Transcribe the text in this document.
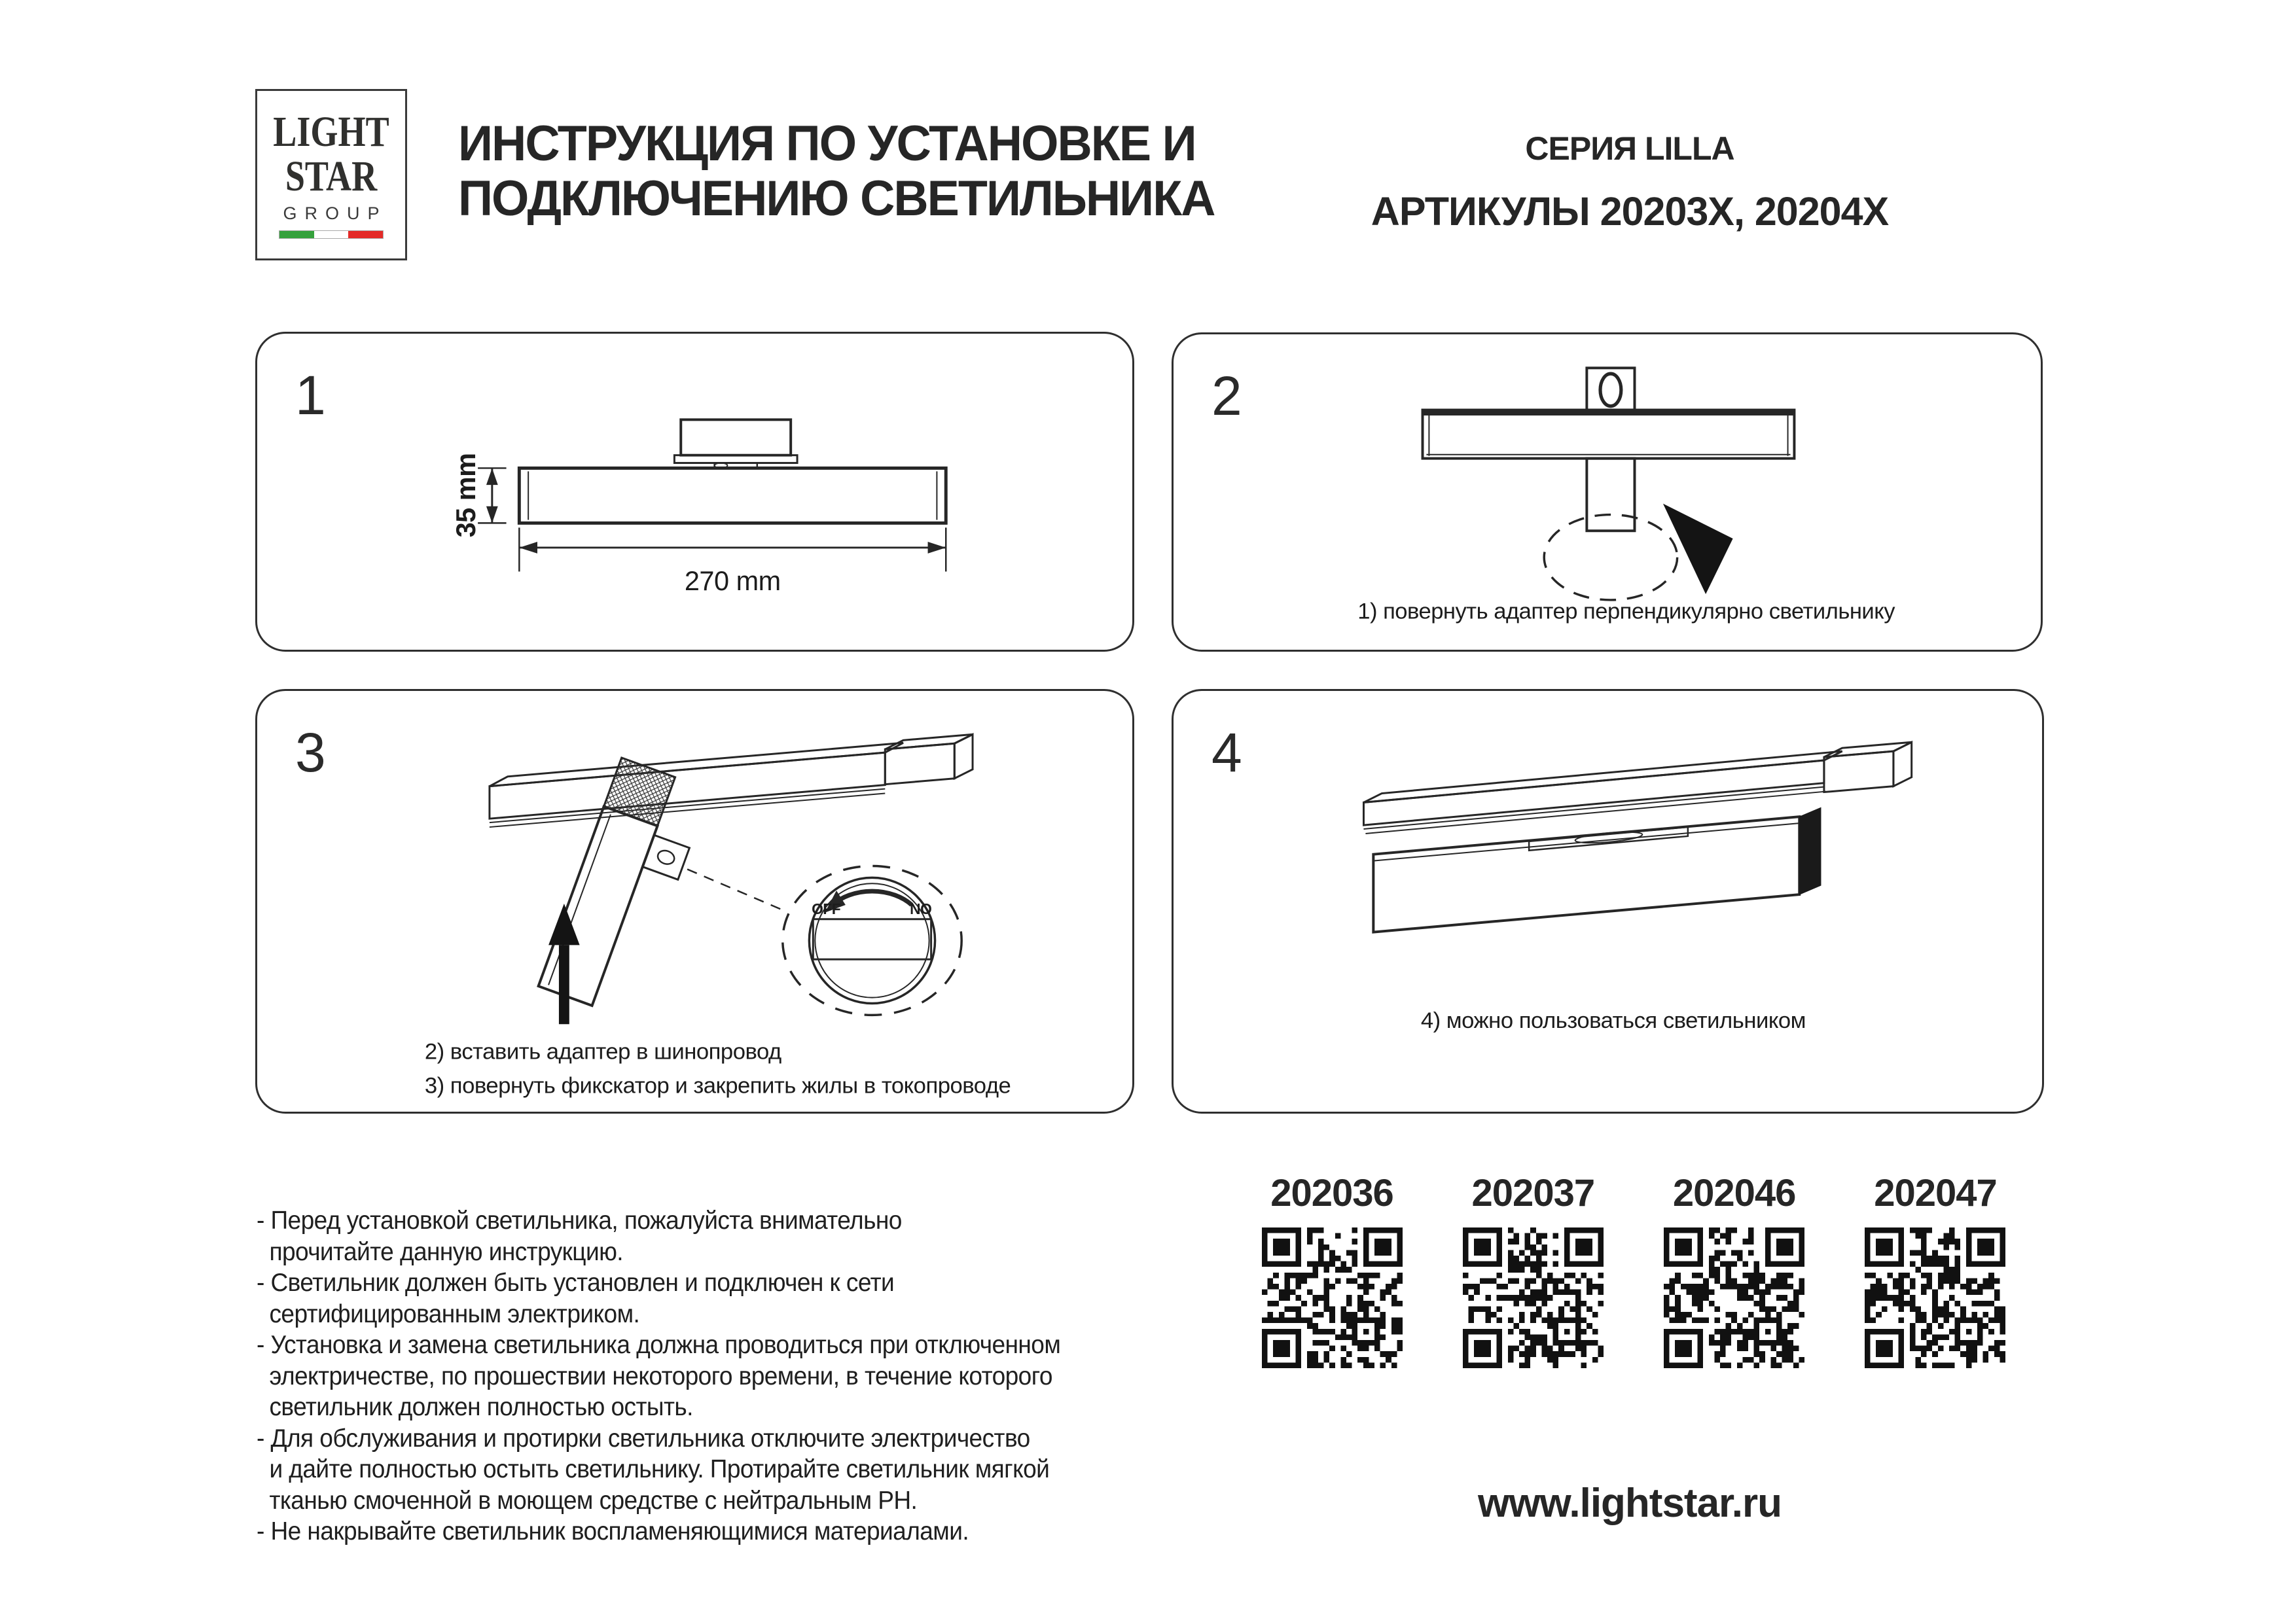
LIGHT
STAR
GROUP
ИНСТРУКЦИЯ ПО УСТАНОВКЕ И
ПОДКЛЮЧЕНИЮ СВЕТИЛЬНИКА
СЕРИЯ LILLA
АРТИКУЛЫ 20203X, 20204X
1
35 mm
270 mm
2
1) повернуть адаптер перпендикулярно светильнику
3
OFF	NO
2) вставить адаптер в шинопровод
3) повернуть фикскатор и закрепить жилы в токопроводе
4
4) можно пользоваться светильником
- Перед установкой светильника, пожалуйста внимательно
прочитайте данную инструкцию.
- Светильник должен быть установлен и подключен к сети
сертифицированным электриком.
- Установка и замена светильника должна проводиться при отключенном
электричестве, по прошествии некоторого времени, в течение которого
светильник должен полностью остыть.
- Для обслуживания и протирки светильника отключите электричество
и дайте полностью остыть светильнику. Протирайте светильник мягкой
тканью смоченной в моющем средстве с нейтральным PH.
- Не накрывайте светильник воспламеняющимися материалами.
202036 202037 202046 202047
www.lightstar.ru
